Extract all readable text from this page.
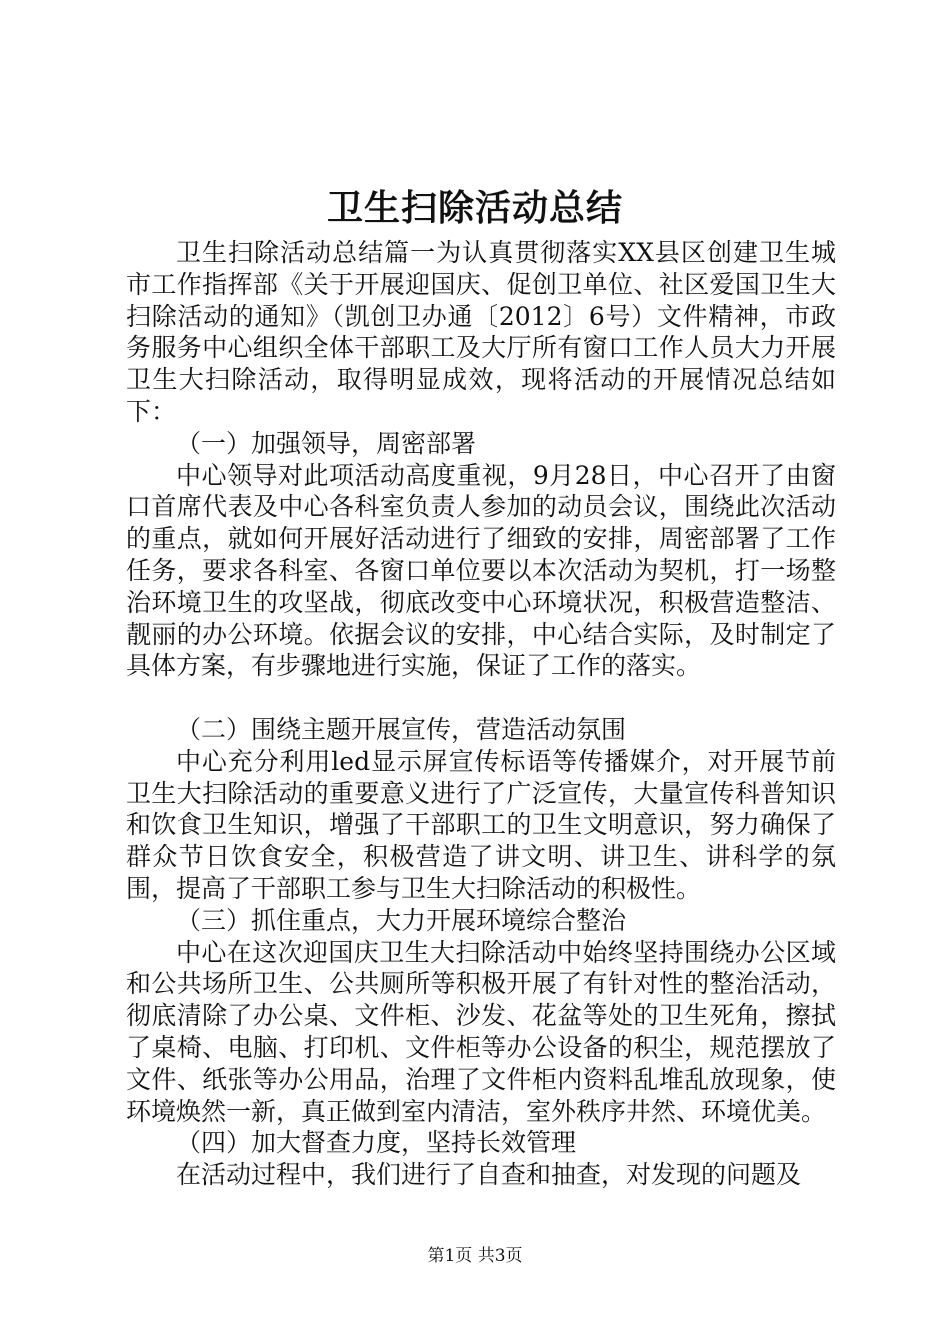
卫生扫除活动总结

卫生扫除活动总结篇一为认真贯彻落实XX县区创建卫生城市工作指挥部《关于开展迎国庆、促创卫单位、社区爱国卫生大扫除活动的通知》（凯创卫办通〔2012〕6号）文件精神，市政务服务中心组织全体干部职工及大厅所有窗口工作人员大力开展卫生大扫除活动，取得明显成效，现将活动的开展情况总结如下：

（一）加强领导，周密部署

中心领导对此项活动高度重视，9月28日，中心召开了由窗口首席代表及中心各科室负责人参加的动员会议，围绕此次活动的重点，就如何开展好活动进行了细致的安排，周密部署了工作任务，要求各科室、各窗口单位要以本次活动为契机，打一场整治环境卫生的攻坚战，彻底改变中心环境状况，积极营造整洁、靓丽的办公环境。依据会议的安排，中心结合实际，及时制定了具体方案，有步骤地进行实施，保证了工作的落实。

（二）围绕主题开展宣传，营造活动氛围

中心充分利用led显示屏宣传标语等传播媒介，对开展节前卫生大扫除活动的重要意义进行了广泛宣传，大量宣传科普知识和饮食卫生知识，增强了干部职工的卫生文明意识，努力确保了群众节日饮食安全，积极营造了讲文明、讲卫生、讲科学的氛围，提高了干部职工参与卫生大扫除活动的积极性。

（三）抓住重点，大力开展环境综合整治

中心在这次迎国庆卫生大扫除活动中始终坚持围绕办公区域和公共场所卫生、公共厕所等积极开展了有针对性的整治活动，彻底清除了办公桌、文件柜、沙发、花盆等处的卫生死角，擦拭了桌椅、电脑、打印机、文件柜等办公设备的积尘，规范摆放了文件、纸张等办公用品，治理了文件柜内资料乱堆乱放现象，使环境焕然一新，真正做到室内清洁，室外秩序井然、环境优美。

（四）加大督查力度，坚持长效管理

在活动过程中，我们进行了自查和抽查，对发现的问题及

第1页 共3页
